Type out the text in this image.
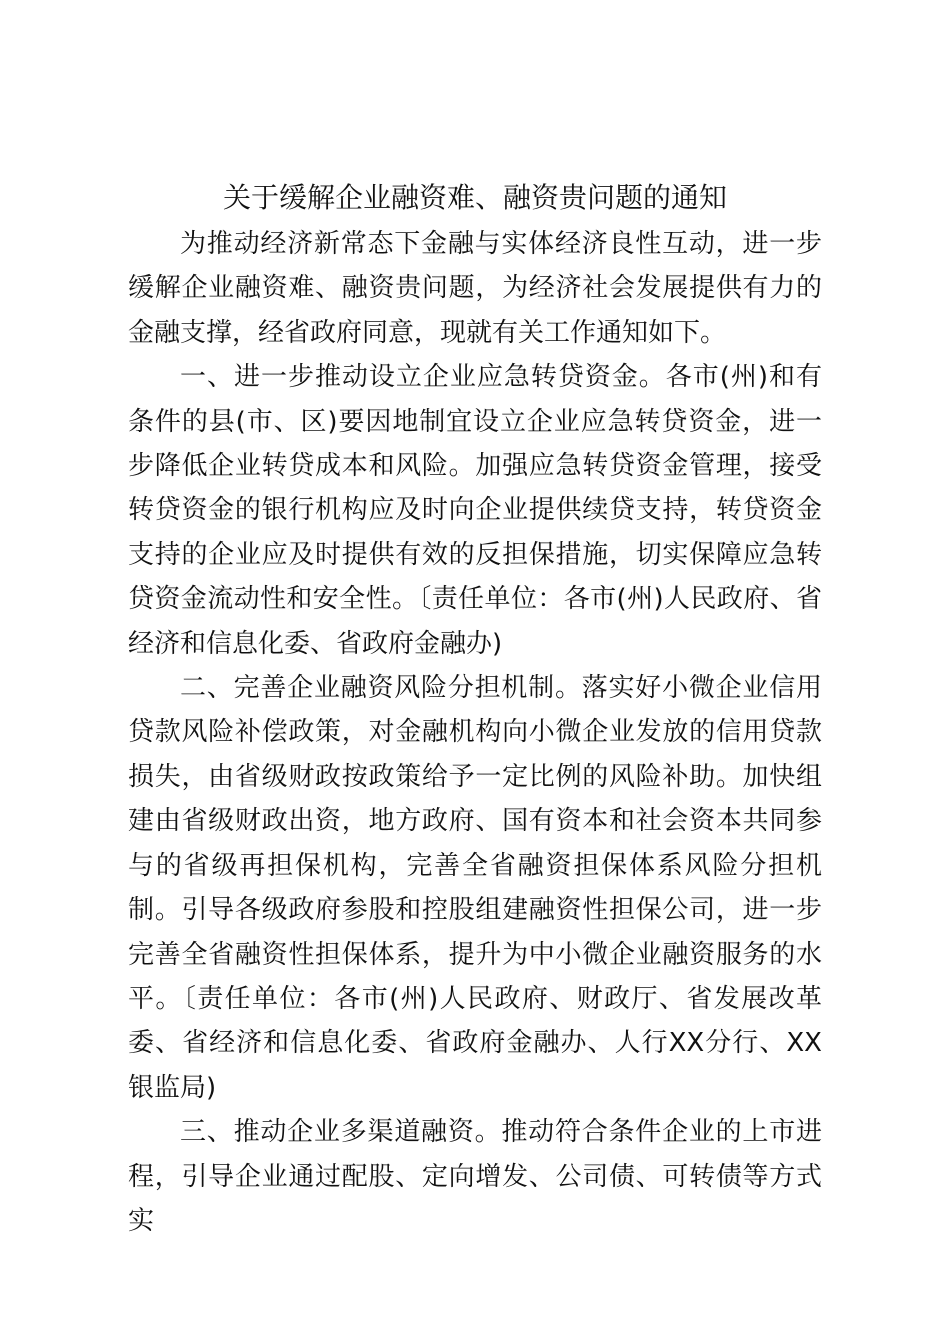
关于缓解企业融资难、融资贵问题的通知

为推动经济新常态下金融与实体经济良性互动，进一步缓解企业融资难、融资贵问题，为经济社会发展提供有力的金融支撑，经省政府同意，现就有关工作通知如下。

一、进一步推动设立企业应急转贷资金。各市(州)和有条件的县(市、区)要因地制宜设立企业应急转贷资金，进一步降低企业转贷成本和风险。加强应急转贷资金管理，接受转贷资金的银行机构应及时向企业提供续贷支持，转贷资金支持的企业应及时提供有效的反担保措施，切实保障应急转贷资金流动性和安全性。〔责任单位：各市(州)人民政府、省经济和信息化委、省政府金融办)

二、完善企业融资风险分担机制。落实好小微企业信用贷款风险补偿政策，对金融机构向小微企业发放的信用贷款损失，由省级财政按政策给予一定比例的风险补助。加快组建由省级财政出资，地方政府、国有资本和社会资本共同参与的省级再担保机构，完善全省融资担保体系风险分担机制。引导各级政府参股和控股组建融资性担保公司，进一步完善全省融资性担保体系，提升为中小微企业融资服务的水平。〔责任单位：各市(州)人民政府、财政厅、省发展改革委、省经济和信息化委、省政府金融办、人行XX分行、XX银监局)

三、推动企业多渠道融资。推动符合条件企业的上市进程，引导企业通过配股、定向增发、公司债、可转债等方式实
